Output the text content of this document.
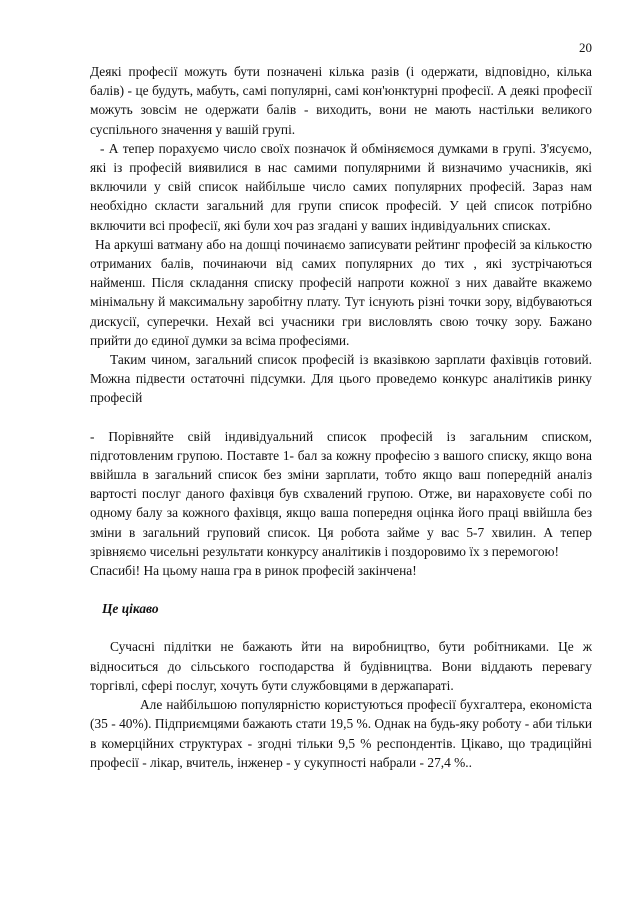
20

Деякі професії можуть бути позначені кілька разів (і одержати, відповідно, кілька балів) - це будуть, мабуть, самі популярні, самі кон'юнктурні професії. А деякі професії можуть зовсім не одержати балів - виходить, вони не мають настільки великого суспільного значення у вашій групі.

- А тепер порахуємо число своїх позначок й обміняємося думками в групі. З'ясуємо, які із професій виявилися в нас самими популярними й визначимо учасників, які включили у свій список найбільше число самих популярних професій. Зараз нам необхідно скласти загальний для групи список професій. У цей список потрібно включити всі професії, які були хоч раз згадані у ваших індивідуальних списках.

На аркуші ватману або на дошці починаємо записувати рейтинг професій за кількостю отриманих балів, починаючи від самих популярних до тих , які зустрічаються найменш. Після складання списку професій напроти кожної з них давайте вкажемо мінімальну й максимальну заробітну плату. Тут існують різні точки зору, відбуваються дискусії, суперечки. Нехай всі учасники гри висловлять свою точку зору. Бажано прийти до єдиної думки за всіма професіями.

Таким чином, загальний список професій із вказівкою зарплати фахівців готовий. Можна підвести остаточні підсумки. Для цього проведемо конкурс аналітиків ринку професій

- Порівняйте свій індивідуальний список професій із загальним списком, підготовленим групою. Поставте 1- бал за кожну професію з вашого списку, якщо вона ввійшла в загальний список без зміни зарплати, тобто якщо ваш попередній аналіз вартості послуг даного фахівця був схвалений групою. Отже, ви нараховуєте собі по одному балу за кожного фахівця, якщо ваша попередня оцінка його праці ввійшла без зміни в загальний груповий список. Ця робота займе у вас 5-7 хвилин. А тепер зрівняємо чисельні результати конкурсу аналітиків і поздоровимо їх з перемогою!

Спасибі! На цьому наша гра в ринок професій закінчена!

Це цікаво

Сучасні підлітки не бажають йти на виробництво, бути робітниками. Це ж відноситься до сільського господарства й будівництва. Вони віддають перевагу торгівлі, сфері послуг, хочуть бути службовцями в держапараті.

Але найбільшою популярністю користуються професії бухгалтера, економіста (35 - 40%). Підприємцями бажають стати 19,5 %. Однак на будь-яку роботу - аби тільки в комерційних структурах - згодні тільки 9,5 % респондентів. Цікаво, що традиційні професії - лікар, вчитель, інженер - у сукупності набрали - 27,4 %..
